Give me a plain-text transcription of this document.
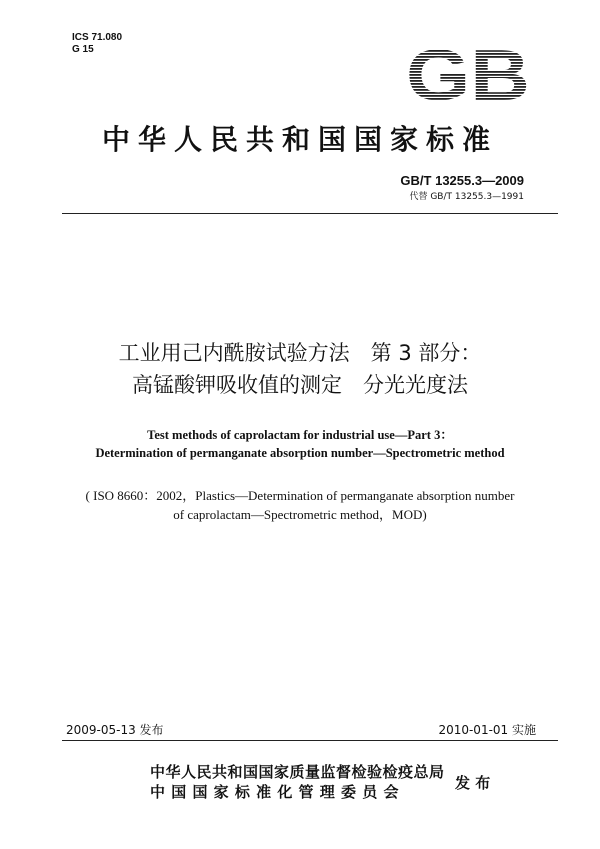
ICS 71.080
G 15	GB
中华人民共和国国家标准
GB/T 13255.3—2009
代替 GB/T 13255.3—1991
工业用己内酰胺试验方法　第 3 部分：
高锰酸钾吸收值的测定　分光光度法
Test methods of caprolactam for industrial use—Part 3：
Determination of permanganate absorption number—Spectrometric method
( ISO 8660：2002，Plastics—Determination of permanganate absorption number
of caprolactam—Spectrometric method，MOD)
2009-05-13 发布	2010-01-01 实施
中华人民共和国国家质量监督检验检疫总局
中 国 国 家 标 准 化 管 理 委 员 会	发 布
